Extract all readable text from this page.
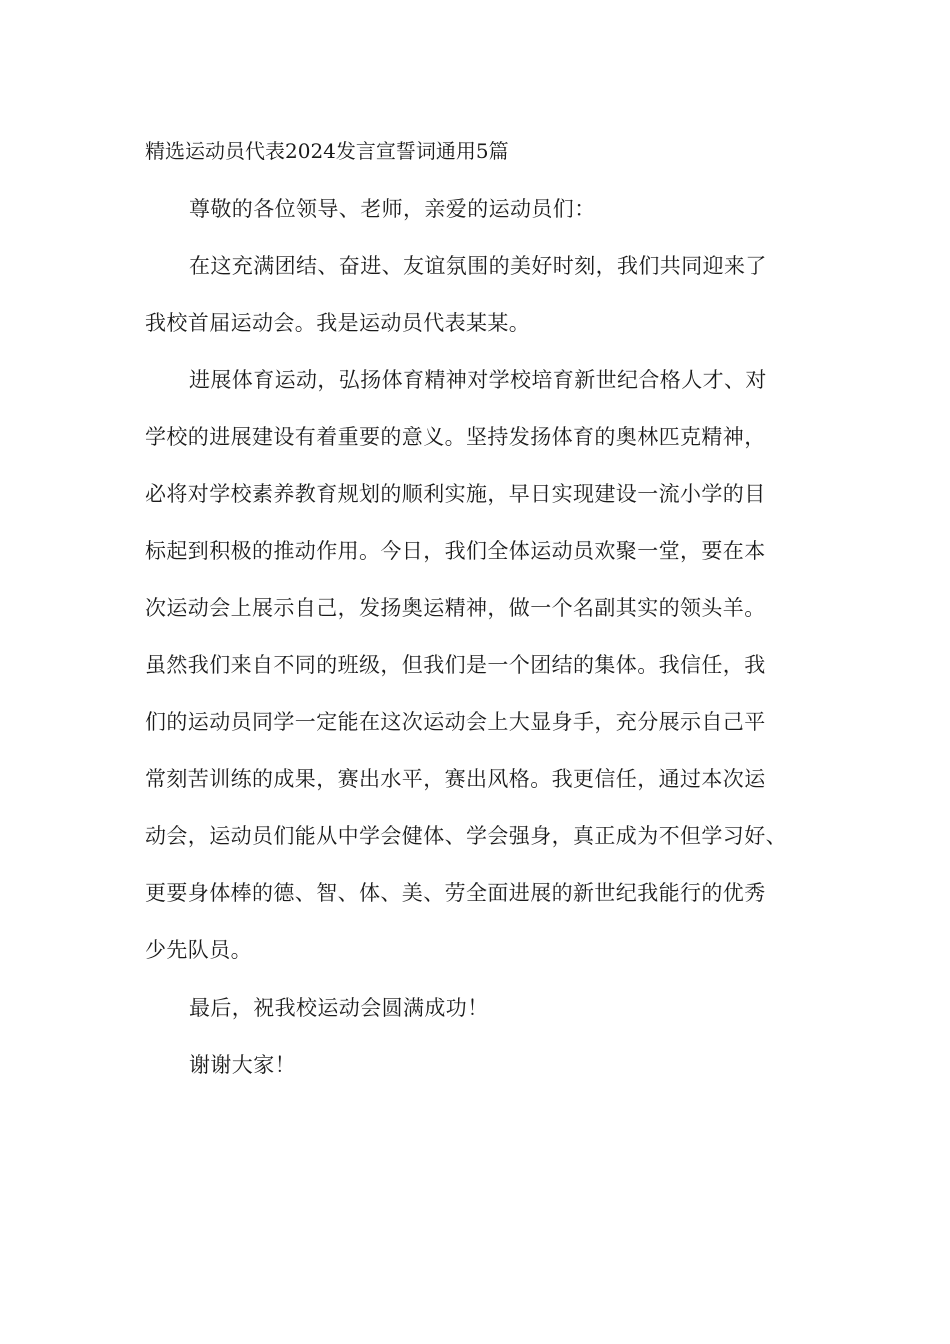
精选运动员代表2024发言宣誓词通用5篇
尊敬的各位领导、老师，亲爱的运动员们：
在这充满团结、奋进、友谊氛围的美好时刻，我们共同迎来了
我校首届运动会。我是运动员代表某某。
进展体育运动，弘扬体育精神对学校培育新世纪合格人才、对
学校的进展建设有着重要的意义。坚持发扬体育的奥林匹克精神，
必将对学校素养教育规划的顺利实施，早日实现建设一流小学的目
标起到积极的推动作用。今日，我们全体运动员欢聚一堂，要在本
次运动会上展示自己，发扬奥运精神，做一个名副其实的领头羊。
虽然我们来自不同的班级，但我们是一个团结的集体。我信任，我
们的运动员同学一定能在这次运动会上大显身手，充分展示自己平
常刻苦训练的成果，赛出水平，赛出风格。我更信任，通过本次运
动会，运动员们能从中学会健体、学会强身，真正成为不但学习好、
更要身体棒的德、智、体、美、劳全面进展的新世纪我能行的优秀
少先队员。
最后，祝我校运动会圆满成功！
谢谢大家！
